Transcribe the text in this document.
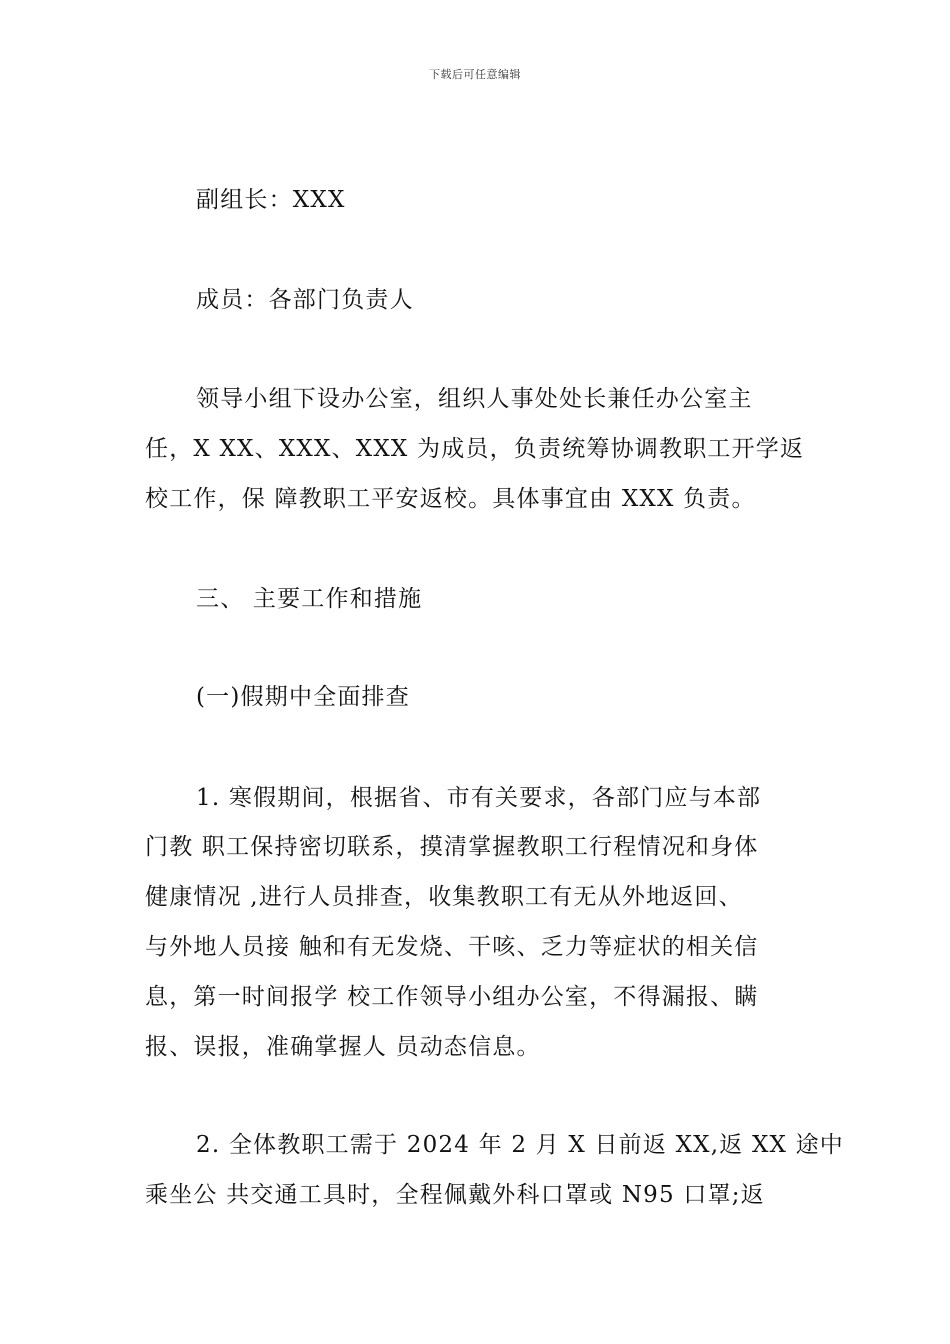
下载后可任意编辑
副组长：XXX
成员：各部门负责人
领导小组下设办公室，组织人事处处长兼任办公室主
任，X XX、XXX、XXX 为成员，负责统筹协调教职工开学返
校工作，保 障教职工平安返校。具体事宜由 XXX 负责。
三、 主要工作和措施
(一)假期中全面排查
1. 寒假期间，根据省、市有关要求，各部门应与本部
门教 职工保持密切联系，摸清掌握教职工行程情况和身体
健康情况 ,进行人员排查，收集教职工有无从外地返回、
与外地人员接 触和有无发烧、干咳、乏力等症状的相关信
息，第一时间报学 校工作领导小组办公室，不得漏报、瞒
报、误报，准确掌握人 员动态信息。
2. 全体教职工需于 2024 年 2 月 X 日前返 XX,返 XX 途中
乘坐公 共交通工具时，全程佩戴外科口罩或 N95 口罩;返
